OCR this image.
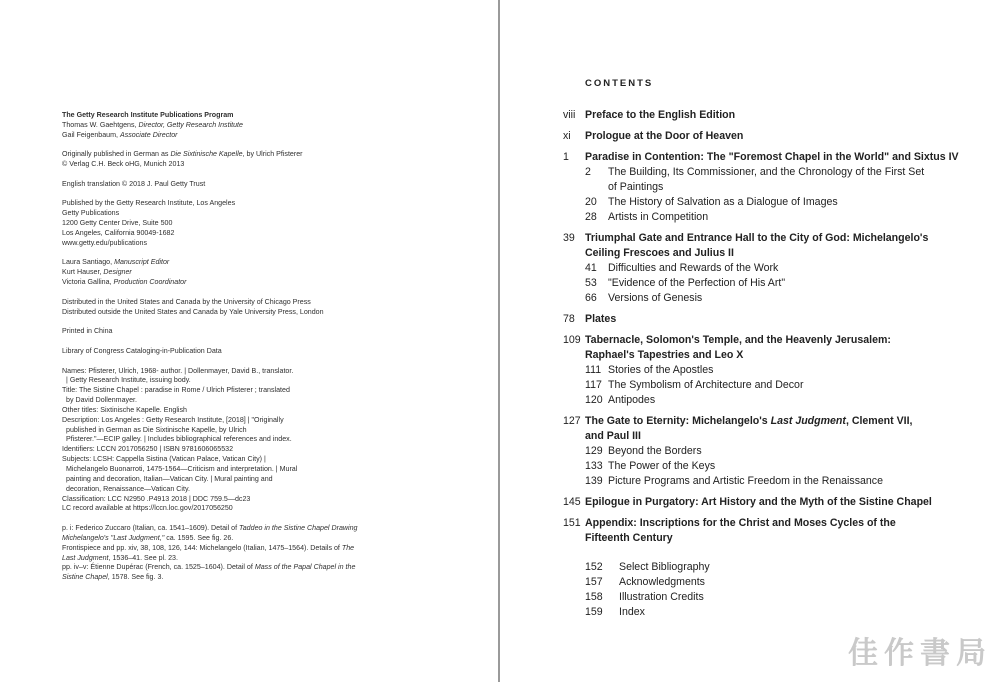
The Getty Research Institute Publications Program
Thomas W. Gaehtgens, Director, Getty Research Institute
Gail Feigenbaum, Associate Director
Originally published in German as Die Sixtinische Kapelle, by Ulrich Pfisterer
© Verlag C.H. Beck oHG, Munich 2013
English translation © 2018 J. Paul Getty Trust
Published by the Getty Research Institute, Los Angeles
Getty Publications
1200 Getty Center Drive, Suite 500
Los Angeles, California 90049-1682
www.getty.edu/publications
Laura Santiago, Manuscript Editor
Kurt Hauser, Designer
Victoria Gallina, Production Coordinator
Distributed in the United States and Canada by the University of Chicago Press
Distributed outside the United States and Canada by Yale University Press, London
Printed in China
Library of Congress Cataloging-in-Publication Data
Names: Pfisterer, Ulrich, 1968- author. | Dollenmayer, David B., translator.
| Getty Research Institute, issuing body.
Title: The Sistine Chapel : paradise in Rome / Ulrich Pfisterer ; translated
by David Dollenmayer.
Other titles: Sixtinische Kapelle. English
Description: Los Angeles : Getty Research Institute, [2018] | "Originally
published in German as Die Sixtinische Kapelle, by Ulrich
Pfisterer."—ECIP galley. | Includes bibliographical references and index.
Identifiers: LCCN 2017056250 | ISBN 9781606065532
Subjects: LCSH: Cappella Sistina (Vatican Palace, Vatican City) |
Michelangelo Buonarroti, 1475-1564—Criticism and interpretation. | Mural
painting and decoration, Italian—Vatican City. | Mural painting and
decoration, Renaissance—Vatican City.
Classification: LCC N2950 .P4913 2018 | DDC 759.5—dc23
LC record available at https://lccn.loc.gov/2017056250
p. i: Federico Zuccaro (Italian, ca. 1541–1609). Detail of Taddeo in the Sistine Chapel Drawing
Michelangelo's "Last Judgment," ca. 1595. See fig. 26.
Frontispiece and pp. xiv, 38, 108, 126, 144: Michelangelo (Italian, 1475–1564). Details of The
Last Judgment, 1536–41. See pl. 23.
pp. iv–v: Étienne Dupérac (French, ca. 1525–1604). Detail of Mass of the Papal Chapel in the
Sistine Chapel, 1578. See fig. 3.
CONTENTS
viii Preface to the English Edition
xi Prologue at the Door of Heaven
1 Paradise in Contention: The "Foremost Chapel in the World" and Sixtus IV
2 The Building, Its Commissioner, and the Chronology of the First Set
of Paintings
20 The History of Salvation as a Dialogue of Images
28 Artists in Competition
39 Triumphal Gate and Entrance Hall to the City of God: Michelangelo's
Ceiling Frescoes and Julius II
41 Difficulties and Rewards of the Work
53 "Evidence of the Perfection of His Art"
66 Versions of Genesis
78 Plates
109 Tabernacle, Solomon's Temple, and the Heavenly Jerusalem:
Raphael's Tapestries and Leo X
111 Stories of the Apostles
117 The Symbolism of Architecture and Decor
120 Antipodes
127 The Gate to Eternity: Michelangelo's Last Judgment, Clement VII,
and Paul III
129 Beyond the Borders
133 The Power of the Keys
139 Picture Programs and Artistic Freedom in the Renaissance
145 Epilogue in Purgatory: Art History and the Myth of the Sistine Chapel
151 Appendix: Inscriptions for the Christ and Moses Cycles of the
Fifteenth Century
152 Select Bibliography
157 Acknowledgments
158 Illustration Credits
159 Index
佳作書局
